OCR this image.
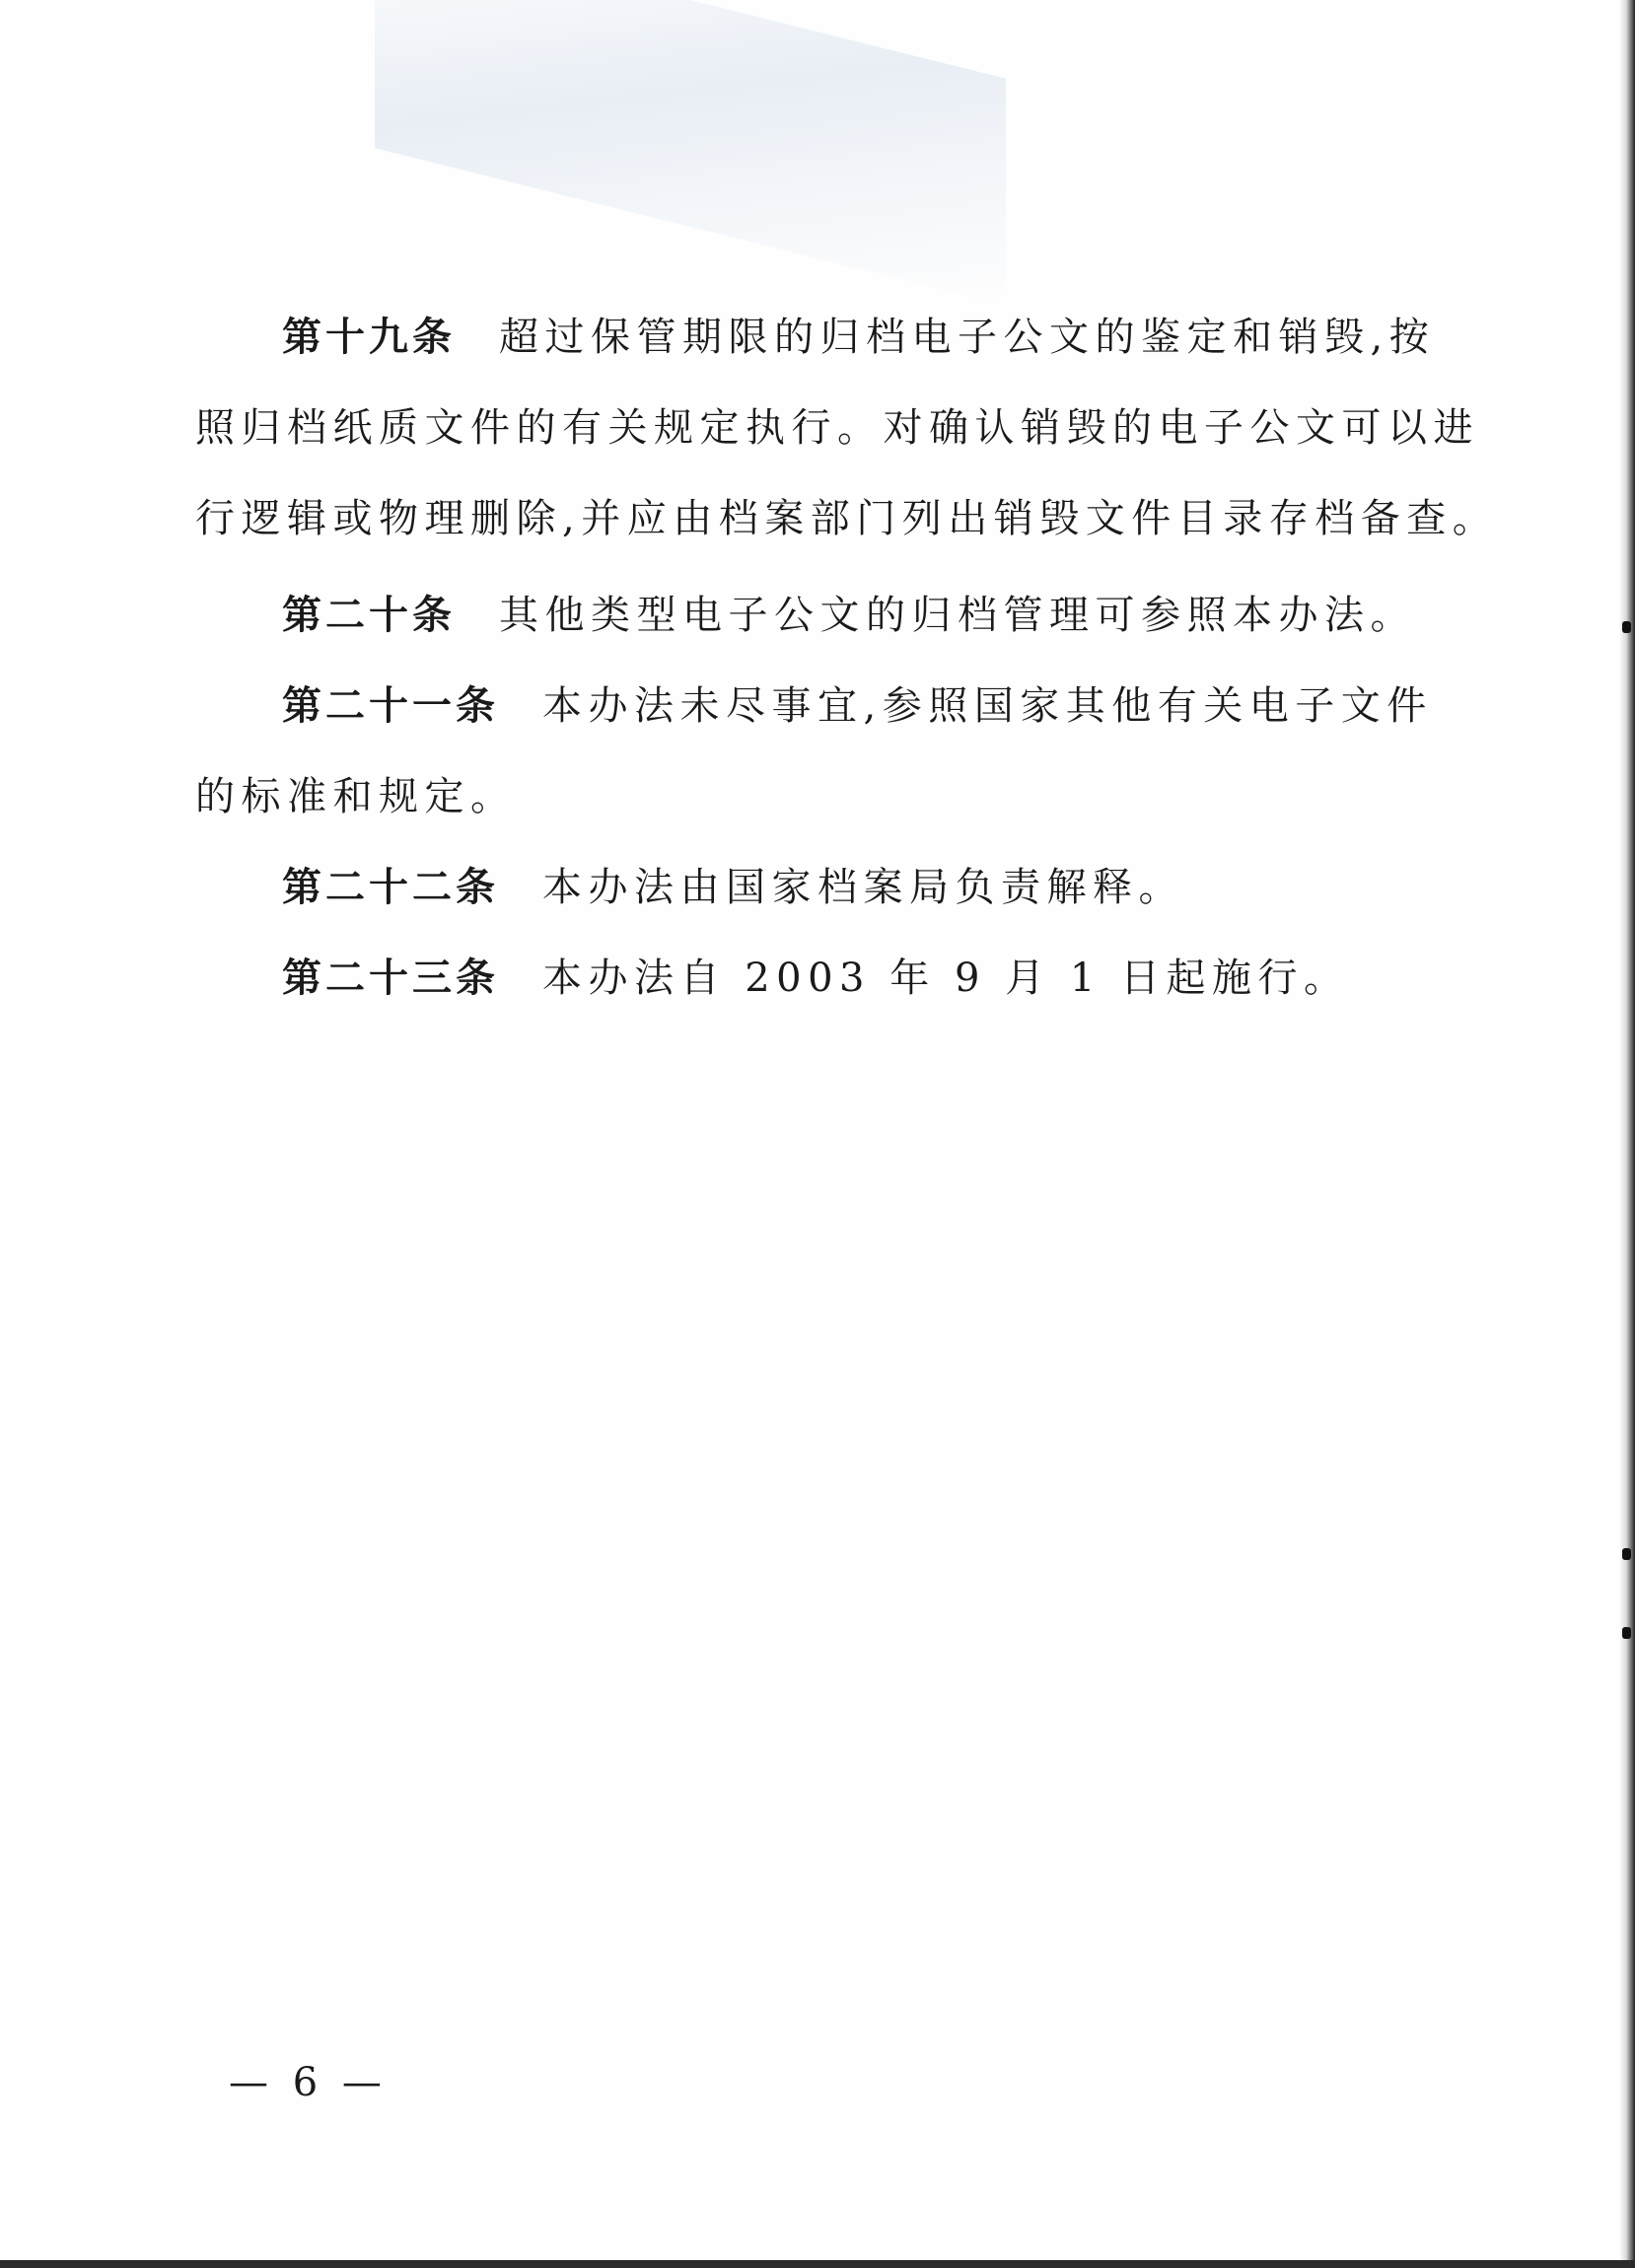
第十九条 超过保管期限的归档电子公文的鉴定和销毁,按
照归档纸质文件的有关规定执行。对确认销毁的电子公文可以进
行逻辑或物理删除,并应由档案部门列出销毁文件目录存档备查。
第二十条 其他类型电子公文的归档管理可参照本办法。
第二十一条 本办法未尽事宜,参照国家其他有关电子文件
的标准和规定。
第二十二条 本办法由国家档案局负责解释。
第二十三条 本办法自 2003 年 9 月 1 日起施行。
— 6 —
